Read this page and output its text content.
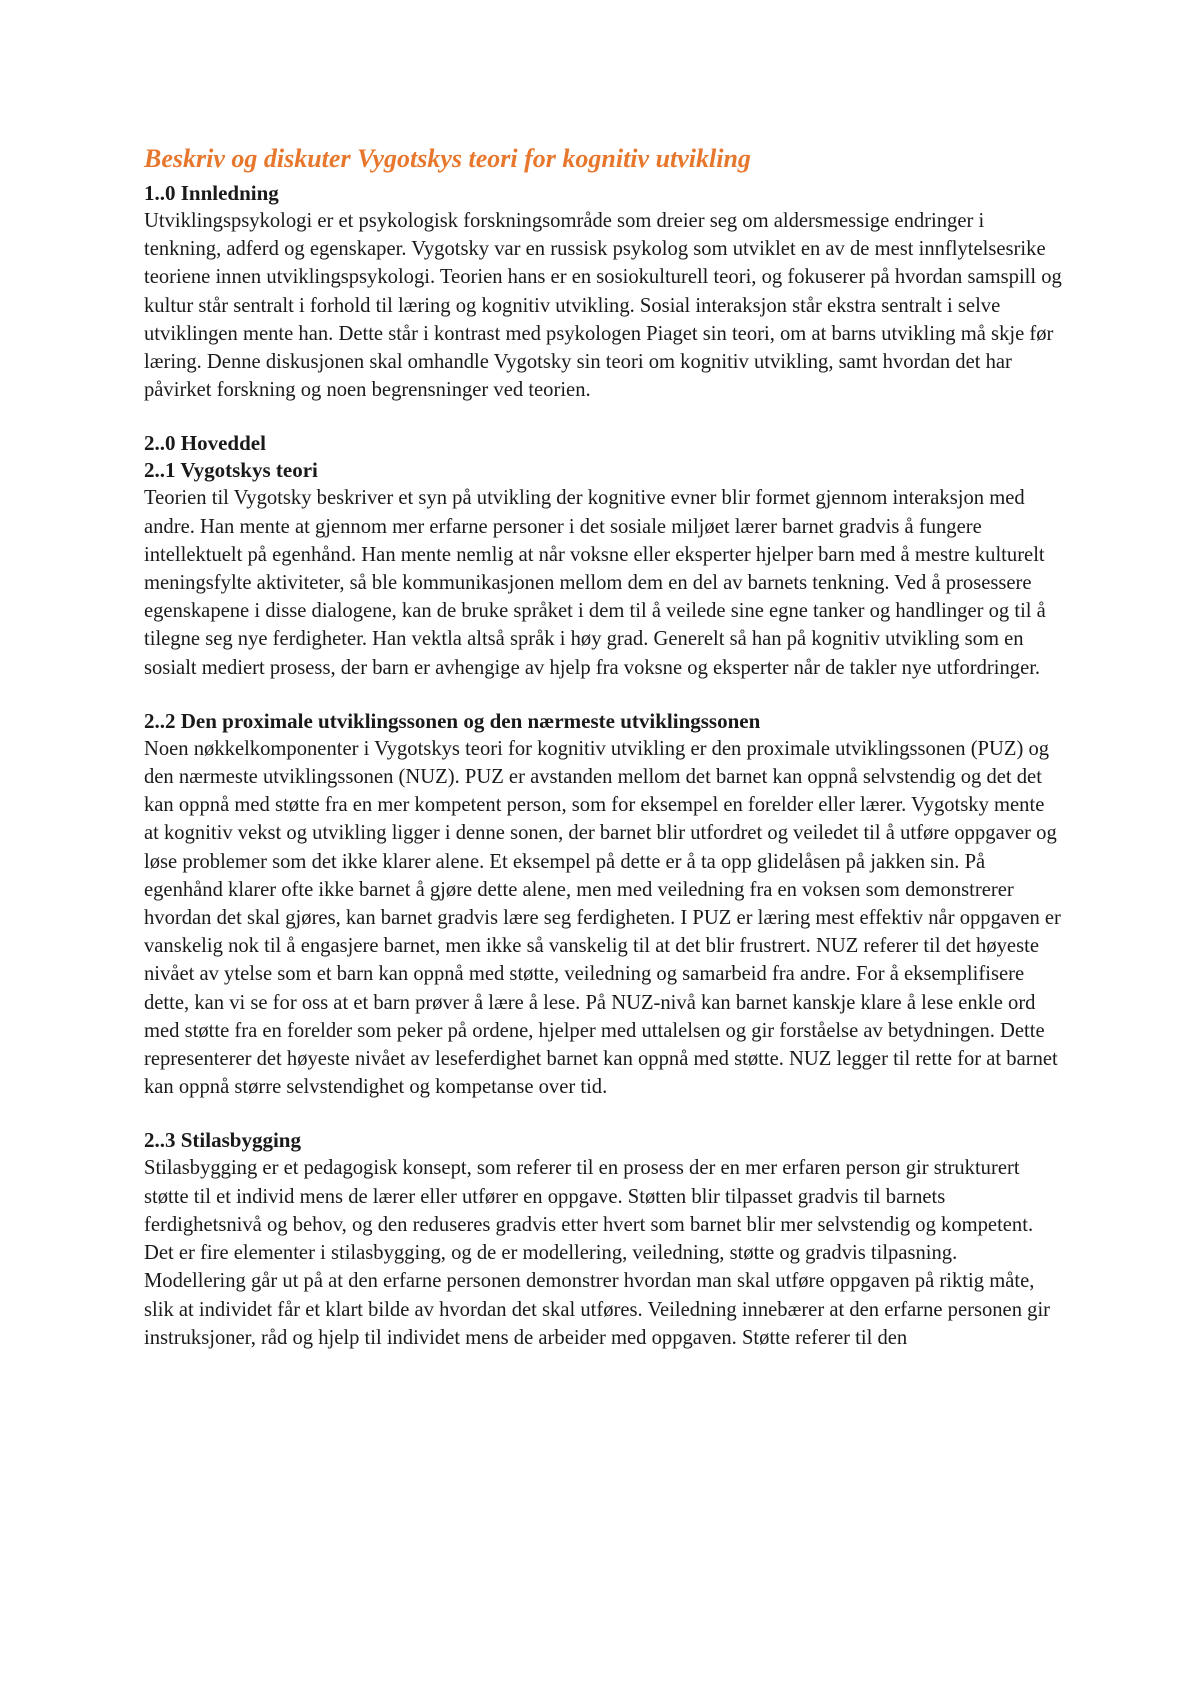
Beskriv og diskuter Vygotskys teori for kognitiv utvikling
1..0 Innledning

Utviklingspsykologi er et psykologisk forskningsområde som dreier seg om aldersmessige endringer i tenkning, adferd og egenskaper. Vygotsky var en russisk psykolog som utviklet en av de mest innflytelsesrike teoriene innen utviklingspsykologi. Teorien hans er en sosiokulturell teori, og fokuserer på hvordan samspill og kultur står sentralt i forhold til læring og kognitiv utvikling. Sosial interaksjon står ekstra sentralt i selve utviklingen mente han. Dette står i kontrast med psykologen Piaget sin teori, om at barns utvikling må skje før læring. Denne diskusjonen skal omhandle Vygotsky sin teori om kognitiv utvikling, samt hvordan det har påvirket forskning og noen begrensninger ved teorien.

2..0 Hoveddel
2..1 Vygotskys teori

Teorien til Vygotsky beskriver et syn på utvikling der kognitive evner blir formet gjennom interaksjon med andre. Han mente at gjennom mer erfarne personer i det sosiale miljøet lærer barnet gradvis å fungere intellektuelt på egenhånd. Han mente nemlig at når voksne eller eksperter hjelper barn med å mestre kulturelt meningsfylte aktiviteter, så ble kommunikasjonen mellom dem en del av barnets tenkning. Ved å prosessere egenskapene i disse dialogene, kan de bruke språket i dem til å veilede sine egne tanker og handlinger og til å tilegne seg nye ferdigheter. Han vektla altså språk i høy grad. Generelt så han på kognitiv utvikling som en sosialt mediert prosess, der barn er avhengige av hjelp fra voksne og eksperter når de takler nye utfordringer.

2..2 Den proximale utviklingssonen og den nærmeste utviklingssonen

Noen nøkkelkomponenter i Vygotskys teori for kognitiv utvikling er den proximale utviklingssonen (PUZ) og den nærmeste utviklingssonen (NUZ). PUZ er avstanden mellom det barnet kan oppnå selvstendig og det det kan oppnå med støtte fra en mer kompetent person, som for eksempel en forelder eller lærer. Vygotsky mente at kognitiv vekst og utvikling ligger i denne sonen, der barnet blir utfordret og veiledet til å utføre oppgaver og løse problemer som det ikke klarer alene. Et eksempel på dette er å ta opp glidelåsen på jakken sin. På egenhånd klarer ofte ikke barnet å gjøre dette alene, men med veiledning fra en voksen som demonstrerer hvordan det skal gjøres, kan barnet gradvis lære seg ferdigheten. I PUZ er læring mest effektiv når oppgaven er vanskelig nok til å engasjere barnet, men ikke så vanskelig til at det blir frustrert. NUZ referer til det høyeste nivået av ytelse som et barn kan oppnå med støtte, veiledning og samarbeid fra andre. For å eksemplifisere dette, kan vi se for oss at et barn prøver å lære å lese. På NUZ-nivå kan barnet kanskje klare å lese enkle ord med støtte fra en forelder som peker på ordene, hjelper med uttalelsen og gir forståelse av betydningen. Dette representerer det høyeste nivået av leseferdighet barnet kan oppnå med støtte. NUZ legger til rette for at barnet kan oppnå større selvstendighet og kompetanse over tid.

2..3 Stilasbygging

Stilasbygging er et pedagogisk konsept, som referer til en prosess der en mer erfaren person gir strukturert støtte til et individ mens de lærer eller utfører en oppgave. Støtten blir tilpasset gradvis til barnets ferdighetsnivå og behov, og den reduseres gradvis etter hvert som barnet blir mer selvstendig og kompetent. Det er fire elementer i stilasbygging, og de er modellering, veiledning, støtte og gradvis tilpasning. Modellering går ut på at den erfarne personen demonstrer hvordan man skal utføre oppgaven på riktig måte, slik at individet får et klart bilde av hvordan det skal utføres. Veiledning innebærer at den erfarne personen gir instruksjoner, råd og hjelp til individet mens de arbeider med oppgaven. Støtte referer til den
